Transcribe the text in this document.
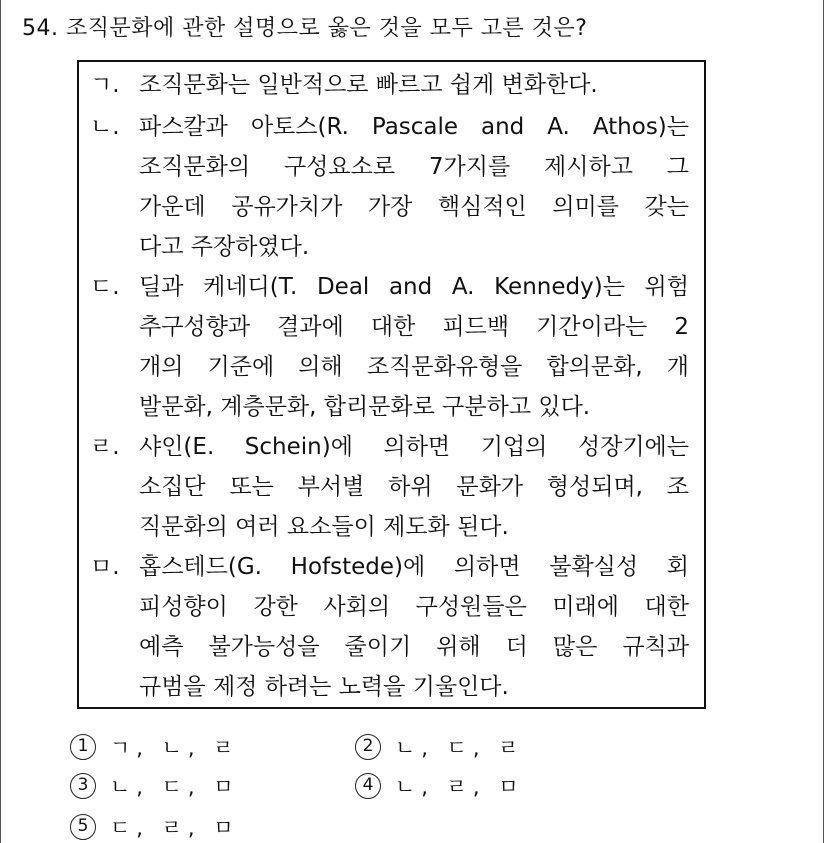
54. 조직문화에 관한 설명으로 옳은 것을 모두 고른 것은?
ㄱ. 조직문화는 일반적으로 빠르고 쉽게 변화한다.
ㄴ. 파스칼과 아토스(R. Pascale and A. Athos)는
조직문화의 구성요소로 7가지를 제시하고 그
가운데 공유가치가 가장 핵심적인 의미를 갖는
다고 주장하였다.
ㄷ. 딜과 케네디(T. Deal and A. Kennedy)는 위험
추구성향과 결과에 대한 피드백 기간이라는 2
개의 기준에 의해 조직문화유형을 합의문화, 개
발문화, 계층문화, 합리문화로 구분하고 있다.
ㄹ. 샤인(E. Schein)에 의하면 기업의 성장기에는
소집단 또는 부서별 하위 문화가 형성되며, 조
직문화의 여러 요소들이 제도화 된다.
ㅁ. 홉스테드(G. Hofstede)에 의하면 불확실성 회
피성향이 강한 사회의 구성원들은 미래에 대한
예측 불가능성을 줄이기 위해 더 많은 규칙과
규범을 제정 하려는 노력을 기울인다.
1	ㄱ, ㄴ, ㄹ	2	ㄴ, ㄷ, ㄹ
3	ㄴ, ㄷ, ㅁ	4	ㄴ, ㄹ, ㅁ
5	ㄷ, ㄹ, ㅁ
